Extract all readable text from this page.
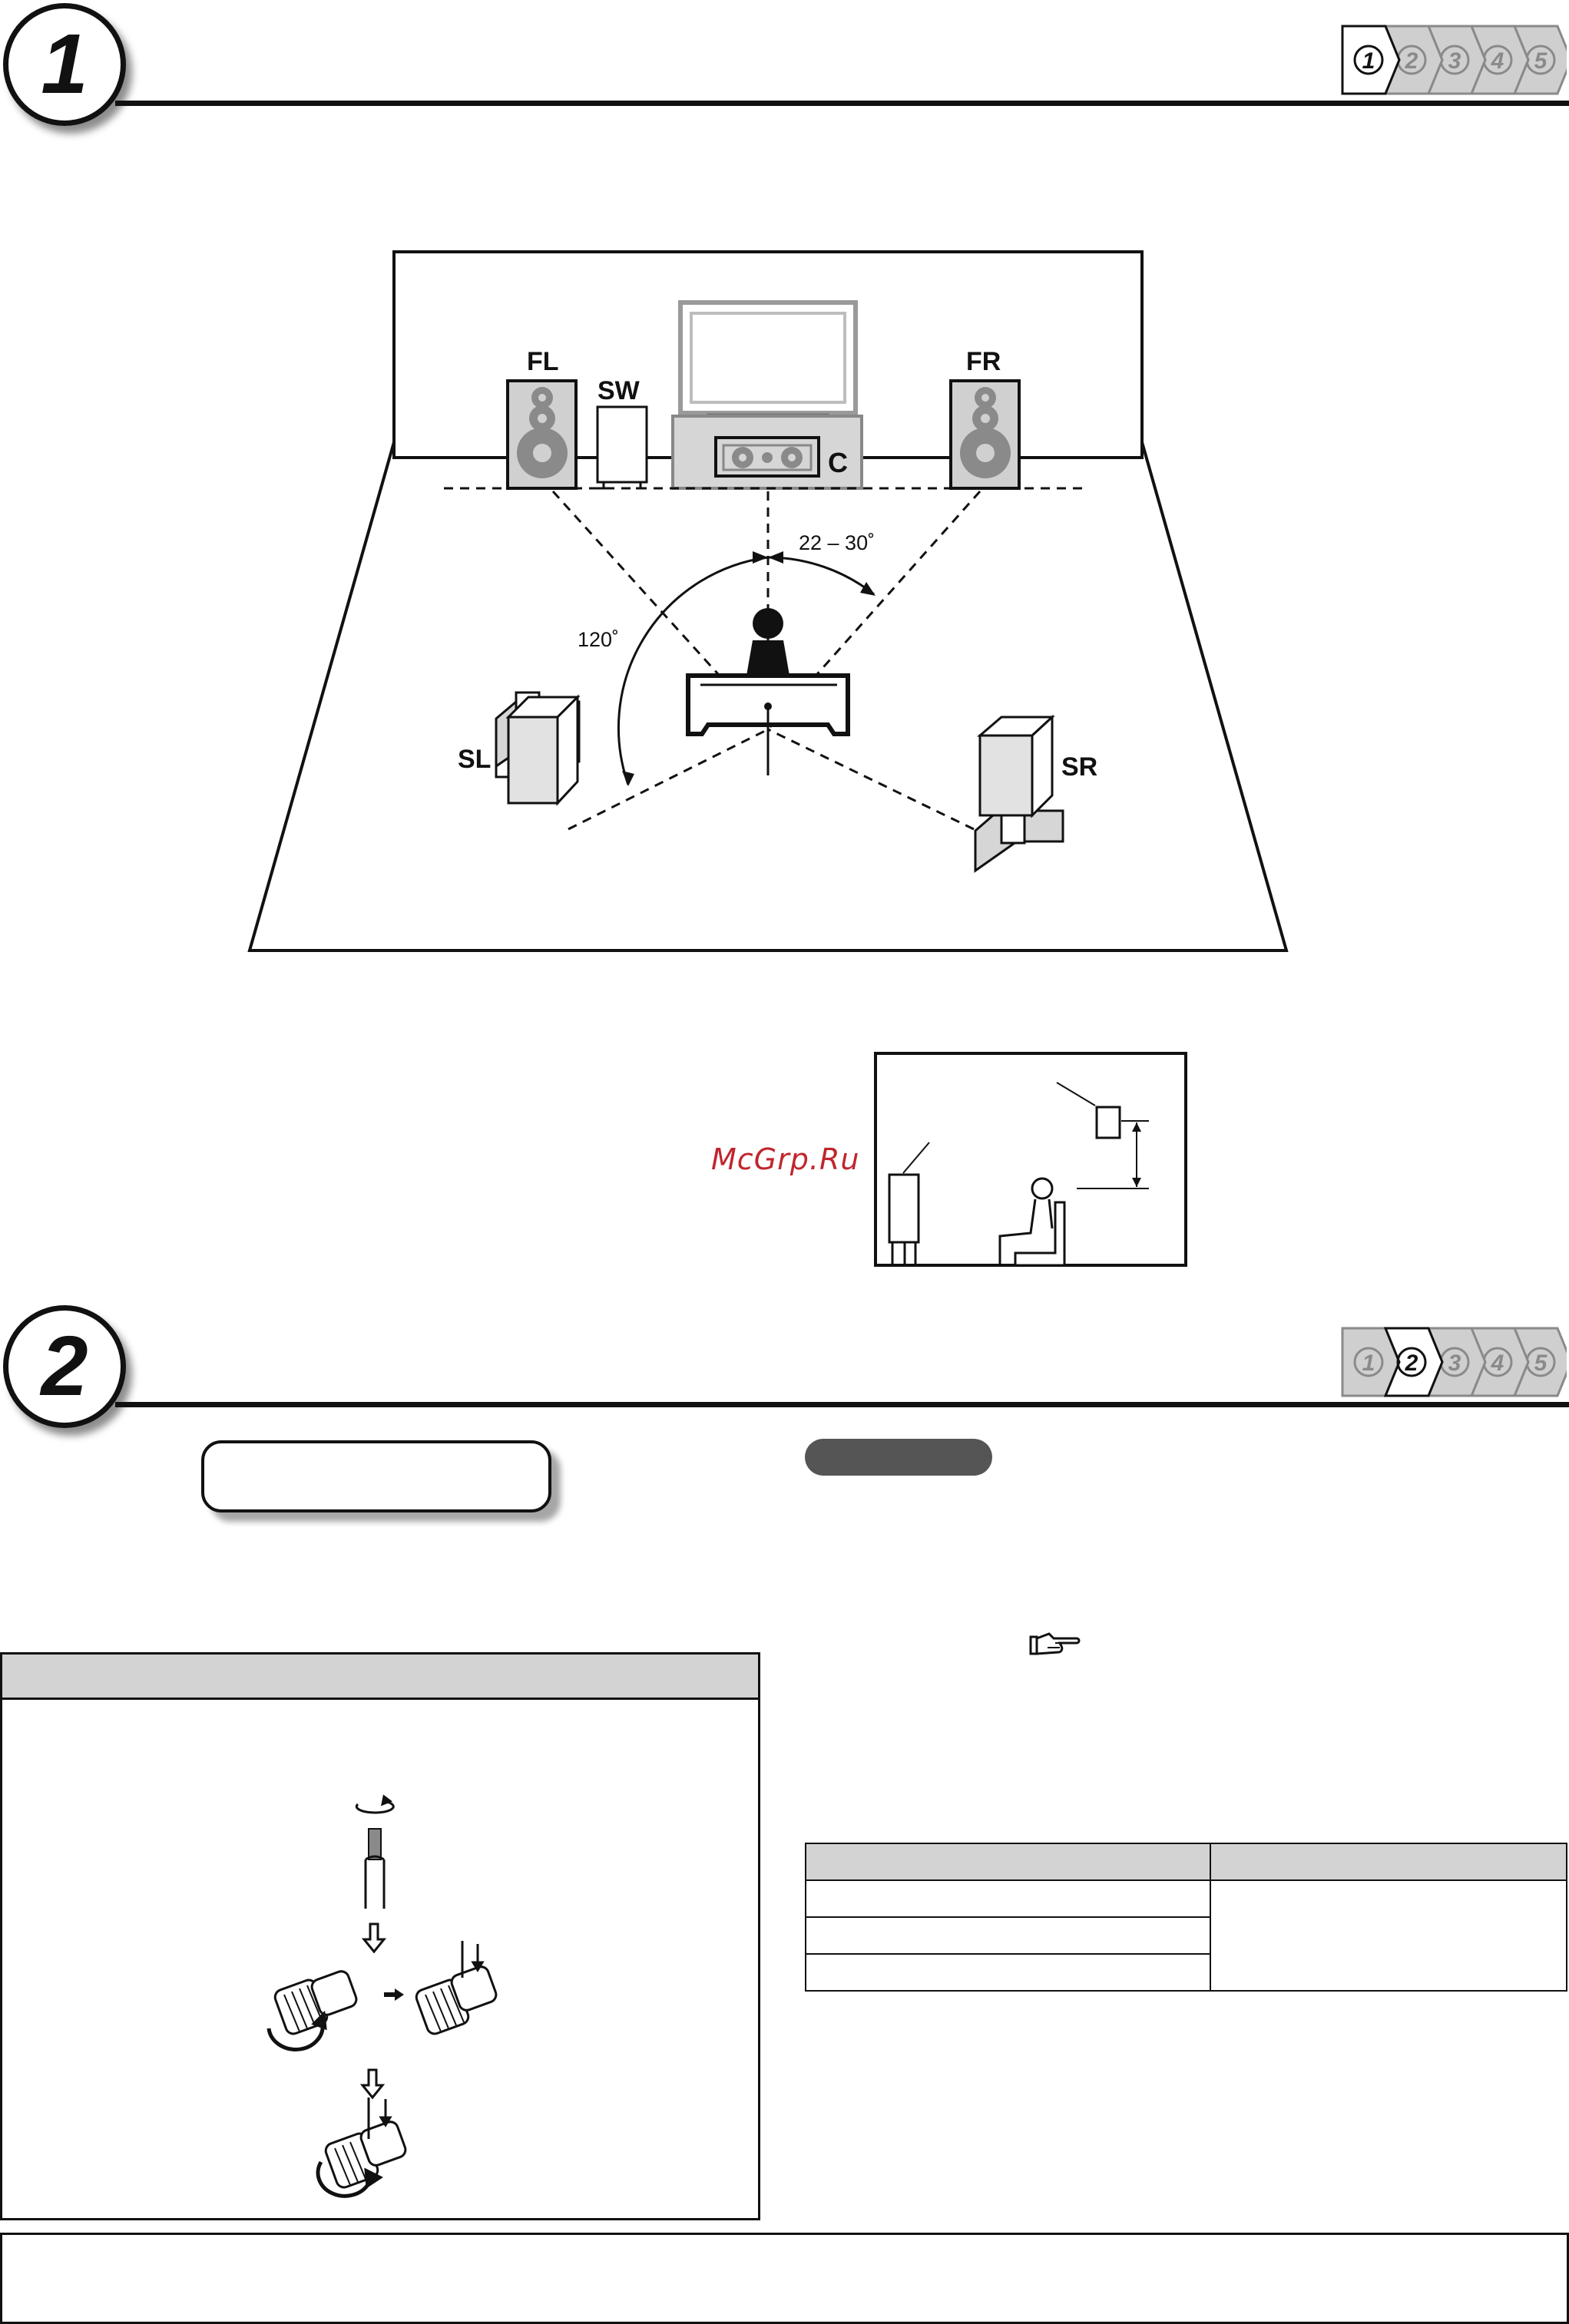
1	5
4
3
2
1
C
FL
SW
FR
22 – 30˚
120˚
SL	SR
McGrp.Ru
2	5
4
3
1 2
